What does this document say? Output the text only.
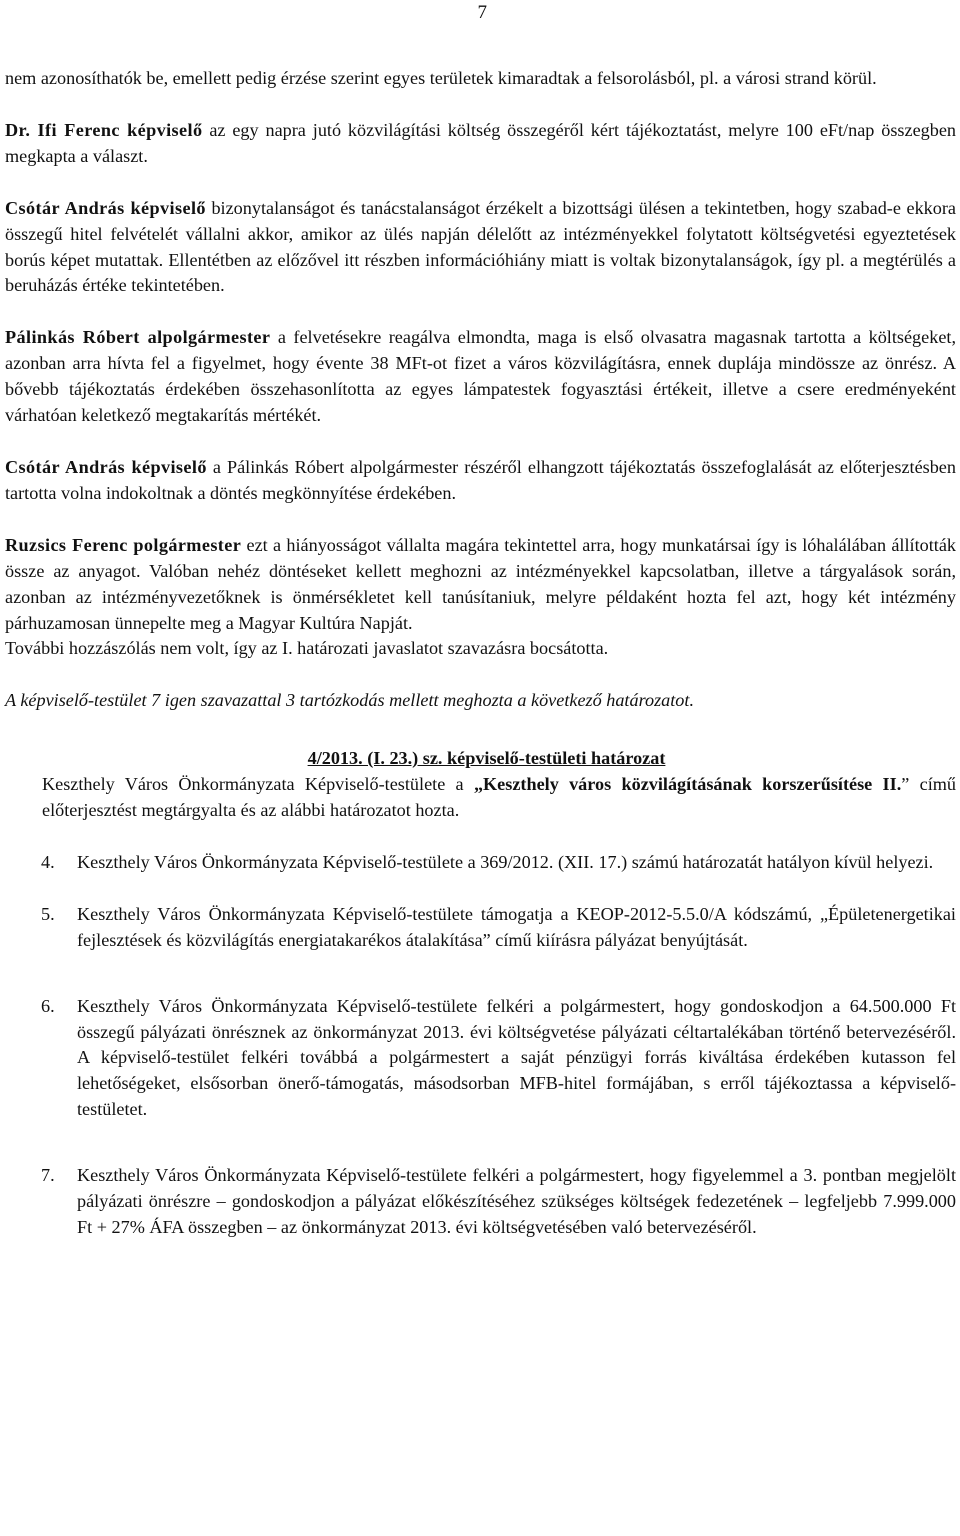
7

nem azonosíthatók be, emellett pedig érzése szerint egyes területek kimaradtak a felsorolásból, pl. a városi strand körül.

Dr. Ifi Ferenc képviselő az egy napra jutó közvilágítási költség összegéről kért tájékoztatást, melyre 100 eFt/nap összegben megkapta a választ.

Csótár András képviselő bizonytalanságot és tanácstalanságot érzékelt a bizottsági ülésen a tekintetben, hogy szabad-e ekkora összegű hitel felvételét vállalni akkor, amikor az ülés napján délelőtt az intézményekkel folytatott költségvetési egyeztetések borús képet mutattak. Ellentétben az előzővel itt részben információhiány miatt is voltak bizonytalanságok, így pl. a megtérülés a beruházás értéke tekintetében.

Pálinkás Róbert alpolgármester a felvetésekre reagálva elmondta, maga is első olvasatra magasnak tartotta a költségeket, azonban arra hívta fel a figyelmet, hogy évente 38 MFt-ot fizet a város közvilágításra, ennek duplája mindössze az önrész. A bővebb tájékoztatás érdekében összehasonlította az egyes lámpatestek fogyasztási értékeit, illetve a csere eredményeként várhatóan keletkező megtakarítás mértékét.

Csótár András képviselő a Pálinkás Róbert alpolgármester részéről elhangzott tájékoztatás összefoglalását az előterjesztésben tartotta volna indokoltnak a döntés megkönnyítése érdekében.

Ruzsics Ferenc polgármester ezt a hiányosságot vállalta magára tekintettel arra, hogy munkatársai így is lóhalálában állították össze az anyagot. Valóban nehéz döntéseket kellett meghozni az intézményekkel kapcsolatban, illetve a tárgyalások során, azonban az intézményvezetőknek is önmérsékletet kell tanúsítaniuk, melyre példaként hozta fel azt, hogy két intézmény párhuzamosan ünnepelte meg a Magyar Kultúra Napját.

További hozzászólás nem volt, így az I. határozati javaslatot szavazásra bocsátotta.

A képviselő-testület 7 igen szavazattal 3 tartózkodás mellett meghozta a következő határozatot.

4/2013. (I. 23.) sz. képviselő-testületi határozat

Keszthely Város Önkormányzata Képviselő-testülete a „Keszthely város közvilágításának korszerűsítése II.” című előterjesztést megtárgyalta és az alábbi határozatot hozta.

4. Keszthely Város Önkormányzata Képviselő-testülete a 369/2012. (XII. 17.) számú határozatát hatályon kívül helyezi.
5. Keszthely Város Önkormányzata Képviselő-testülete támogatja a KEOP-2012-5.5.0/A kódszámú, „Épületenergetikai fejlesztések és közvilágítás energiatakarékos átalakítása” című kiírásra pályázat benyújtását.
6. Keszthely Város Önkormányzata Képviselő-testülete felkéri a polgármestert, hogy gondoskodjon a 64.500.000 Ft összegű pályázati önrésznek az önkormányzat 2013. évi költségvetése pályázati céltartalékában történő betervezéséről. A képviselő-testület felkéri továbbá a polgármestert a saját pénzügyi forrás kiváltása érdekében kutasson fel lehetőségeket, elsősorban önerő-támogatás, másodsorban MFB-hitel formájában, s erről tájékoztassa a képviselő-testületet.
7. Keszthely Város Önkormányzata Képviselő-testülete felkéri a polgármestert, hogy figyelemmel a 3. pontban megjelölt pályázati önrészre – gondoskodjon a pályázat előkészítéséhez szükséges költségek fedezetének – legfeljebb 7.999.000 Ft + 27% ÁFA összegben – az önkormányzat 2013. évi költségvetésében való betervezéséről.
